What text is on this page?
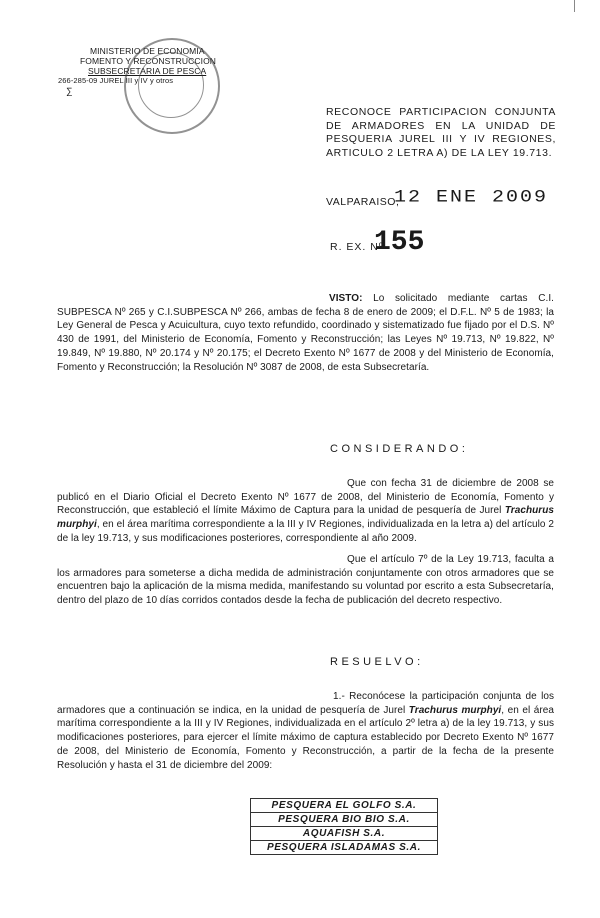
MINISTERIO DE ECONOMIA
FOMENTO Y RECONSTRUCCION
SUBSECRETARIA DE PESCA
266-285-09 JUREL III y IV y otros
∑
RECONOCE PARTICIPACION CONJUNTA DE ARMADORES EN LA UNIDAD DE PESQUERIA JUREL III Y IV REGIONES, ARTICULO 2 LETRA A) DE LA LEY 19.713.
VALPARAISO,
12 ENE 2009
R. EX. Nº
155
VISTO: Lo solicitado mediante cartas C.I. SUBPESCA Nº 265 y C.I.SUBPESCA Nº 266, ambas de fecha 8 de enero de 2009; el D.F.L. Nº 5 de 1983; la Ley General de Pesca y Acuicultura, cuyo texto refundido, coordinado y sistematizado fue fijado por el D.S. Nº 430 de 1991, del Ministerio de Economía, Fomento y Reconstrucción; las Leyes Nº 19.713, Nº 19.822, Nº 19.849, Nº 19.880, Nº 20.174 y Nº 20.175; el Decreto Exento Nº 1677 de 2008 y del Ministerio de Economía, Fomento y Reconstrucción; la Resolución Nº 3087 de 2008, de esta Subsecretaría.
CONSIDERANDO:
Que con fecha 31 de diciembre de 2008 se publicó en el Diario Oficial el Decreto Exento Nº 1677 de 2008, del Ministerio de Economía, Fomento y Reconstrucción, que estableció el límite Máximo de Captura para la unidad de pesquería de Jurel Trachurus murphyi, en el área marítima correspondiente a la III y IV Regiones, individualizada en la letra a) del artículo 2 de la ley 19.713, y sus modificaciones posteriores, correspondiente al año 2009.
Que el artículo 7º de la Ley 19.713, faculta a los armadores para someterse a dicha medida de administración conjuntamente con otros armadores que se encuentren bajo la aplicación de la misma medida, manifestando su voluntad por escrito a esta Subsecretaría, dentro del plazo de 10 días corridos contados desde la fecha de publicación del decreto respectivo.
RESUELVO:
1.- Reconócese la participación conjunta de los armadores que a continuación se indica, en la unidad de pesquería de Jurel Trachurus murphyi, en el área marítima correspondiente a la III y IV Regiones, individualizada en el artículo 2º letra a) de la ley 19.713, y sus modificaciones posteriores, para ejercer el límite máximo de captura establecido por Decreto Exento Nº 1677 de 2008, del Ministerio de Economía, Fomento y Reconstrucción, a partir de la fecha de la presente Resolución y hasta el 31 de diciembre del 2009:
PESQUERA EL GOLFO S.A.
PESQUERA BIO BIO S.A.
AQUAFISH S.A.
PESQUERA ISLADAMAS S.A.
